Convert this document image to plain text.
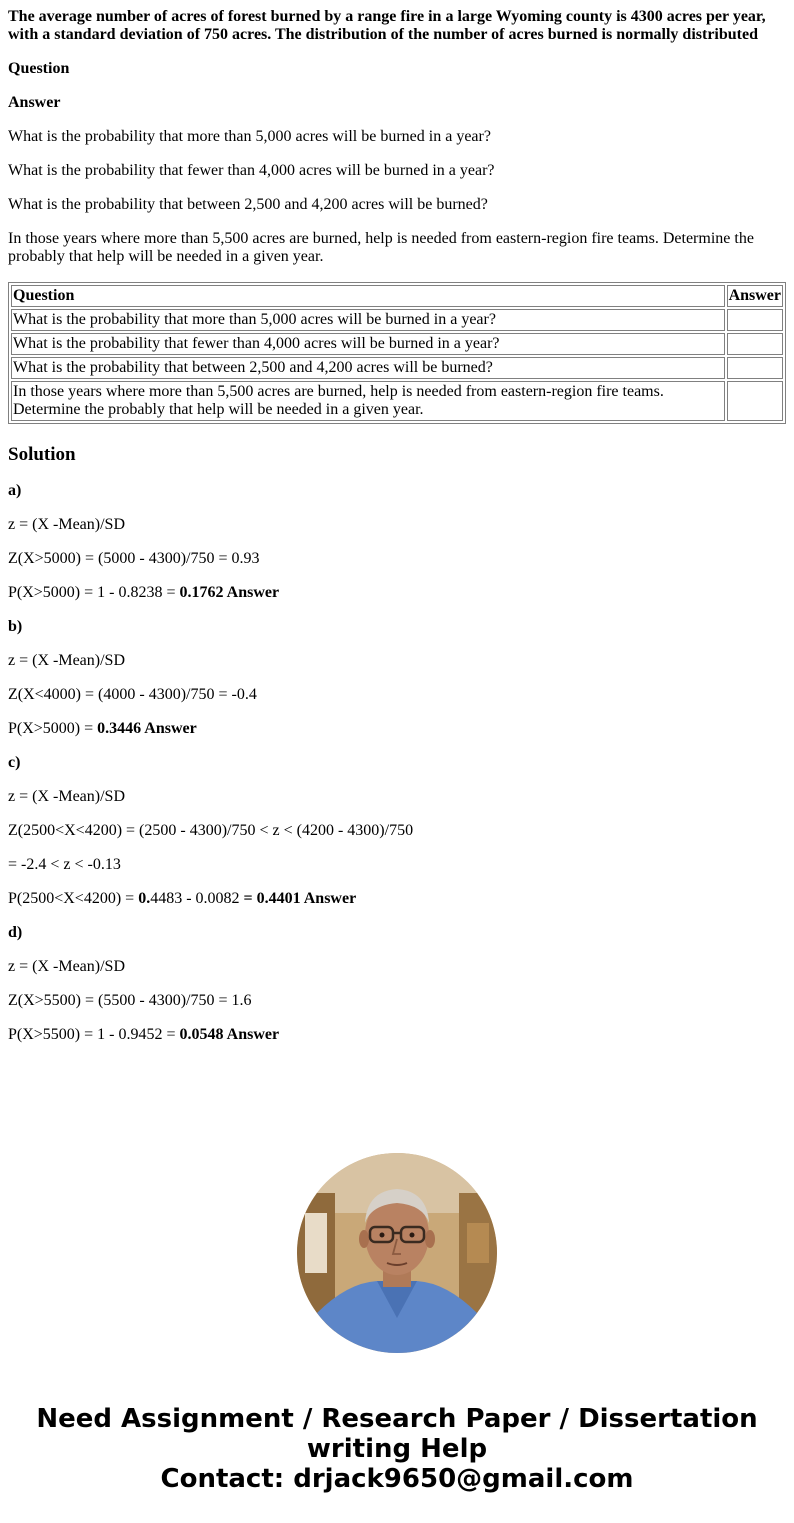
The average number of acres of forest burned by a range fire in a large Wyoming county is 4300 acres per year, with a standard deviation of 750 acres. The distribution of the number of acres burned is normally distributed

Question

Answer

What is the probability that more than 5,000 acres will be burned in a year?

What is the probability that fewer than 4,000 acres will be burned in a year?

What is the probability that between 2,500 and 4,200 acres will be burned?

In those years where more than 5,500 acres are burned, help is needed from eastern-region fire teams. Determine the probably that help will be needed in a given year.

Question	Answer
What is the probability that more than 5,000 acres will be burned in a year?	
What is the probability that fewer than 4,000 acres will be burned in a year?	
What is the probability that between 2,500 and 4,200 acres will be burned?	
In those years where more than 5,500 acres are burned, help is needed from eastern-region fire teams. Determine the probably that help will be needed in a given year.	
Solution

a)

z = (X -Mean)/SD

Z(X>5000) = (5000 - 4300)/750 = 0.93

P(X>5000) = 1 - 0.8238 = 0.1762 Answer

b)

z = (X -Mean)/SD

Z(X<4000) = (4000 - 4300)/750 = -0.4

P(X>5000) = 0.3446 Answer

c)

z = (X -Mean)/SD

Z(2500<X<4200) = (2500 - 4300)/750 < z < (4200 - 4300)/750

= -2.4 < z < -0.13

P(2500<X<4200) = 0.4483 - 0.0082 = 0.4401 Answer

d)

z = (X -Mean)/SD

Z(X>5500) = (5500 - 4300)/750 = 1.6

P(X>5500) = 1 - 0.9452 = 0.0548 Answer

Need Assignment / Research Paper / Dissertation
writing Help
Contact: drjack9650@gmail.com
